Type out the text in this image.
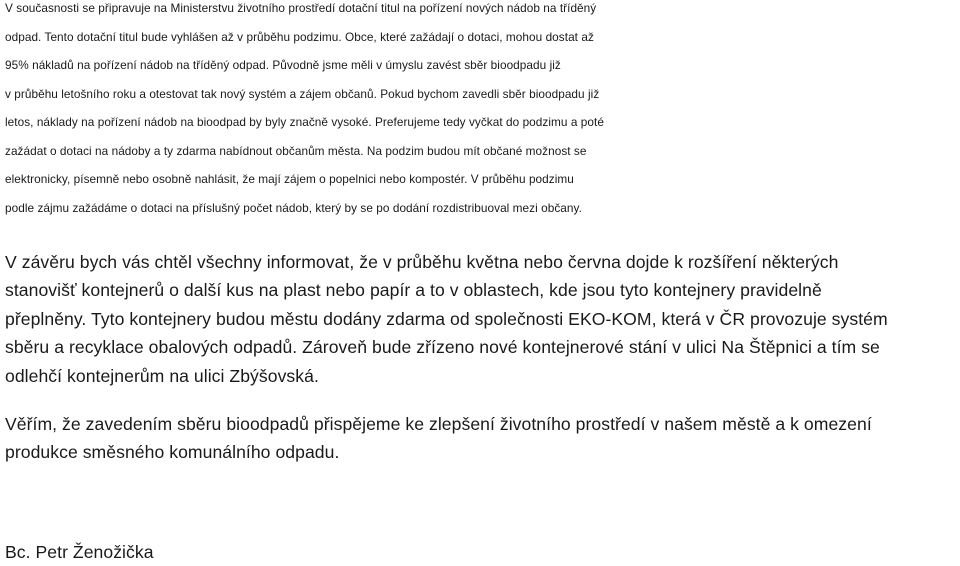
V současnosti se připravuje na Ministerstvu životního prostředí dotační titul na pořízení nových nádob na tříděný
odpad. Tento dotační titul bude vyhlášen až v průběhu podzimu. Obce, které zažádají o dotaci, mohou dostat až
95% nákladů na pořízení nádob na tříděný odpad. Původně jsme měli v úmyslu zavést sběr bioodpadu již
v průběhu letošního roku a otestovat tak nový systém a zájem občanů. Pokud bychom zavedli sběr bioodpadu již
letos, náklady na pořízení nádob na bioodpad by byly značně vysoké. Preferujeme tedy vyčkat do podzimu a poté
zažádat o dotaci na nádoby a ty zdarma nabídnout občanům města. Na podzim budou mít občané možnost se
elektronicky, písemně nebo osobně nahlásit, že mají zájem o popelnici nebo kompostér. V průběhu podzimu
podle zájmu zažádáme o dotaci na příslušný počet nádob, který by se po dodání rozdistribuoval mezi občany.
V závěru bych vás chtěl všechny informovat, že v průběhu května nebo června dojde k rozšíření některých
stanovišť kontejnerů o další kus na plast nebo papír a to v oblastech, kde jsou tyto kontejnery pravidelně
přeplněny. Tyto kontejnery budou městu dodány zdarma od společnosti EKO-KOM, která v ČR provozuje systém
sběru a recyklace obalových odpadů. Zároveň bude zřízeno nové kontejnerové stání v ulici Na Štěpnici a tím se
odlehčí kontejnerům na ulici Zbýšovská.
Věřím, že zavedením sběru bioodpadů přispějeme ke zlepšení životního prostředí v našem městě a k omezení
produkce směsného komunálního odpadu.
Bc. Petr Ženožička
